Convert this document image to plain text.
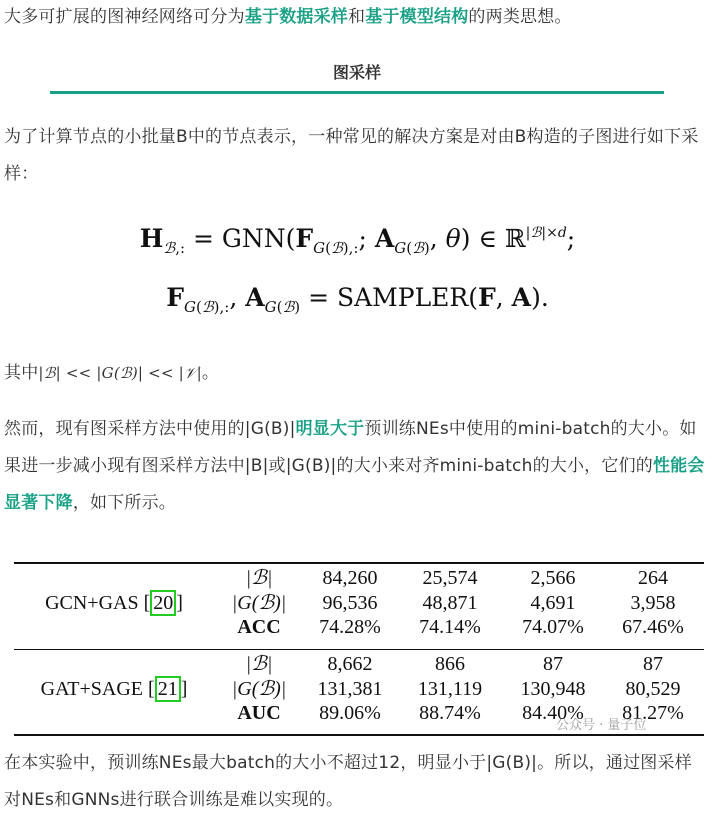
大多可扩展的图神经网络可分为基于数据采样和基于模型结构的两类思想。

图采样

为了计算节点的小批量B中的节点表示，一种常见的解决方案是对由B构造的子图进行如下采样：

$H_{ℬ,:} = GNN(F_{G(ℬ),:}$; $A_{G(ℬ)}$, θ) ∈ ℝ$^{|ℬ|\times d}$;
$F_{G(ℬ),:}$, $A_{G(ℬ)}$ = SAMPLER(F, A).

其中|ℬ| << |G(ℬ)| << |𝒱|。

然而，现有图采样方法中使用的|G(B)|明显大于预训练NEs中使用的mini-batch的大小。如果进一步减小现有图采样方法中|B|或|G(B)|的大小来对齐mini-batch的大小，它们的性能会显著下降，如下所示。

GCN+GAS [ 20 ]
|ℬ|	84,260	25,574	2,566	264
|G(ℬ)|	96,536	48,871	4,691	3,958
ACC	74.28%	74.14%	74.07%	67.46%
GAT+SAGE [ 21 ]
|ℬ|	8,662	866	87	87
|G(ℬ)|	131,381	131,119	130,948	80,529
AUC	89.06%	88.74%	84.40%	81.27%
公众号 · 量子位

在本实验中，预训练NEs最大batch的大小不超过12，明显小于|G(B)|。所以，通过图采样对NEs和GNNs进行联合训练是难以实现的。
